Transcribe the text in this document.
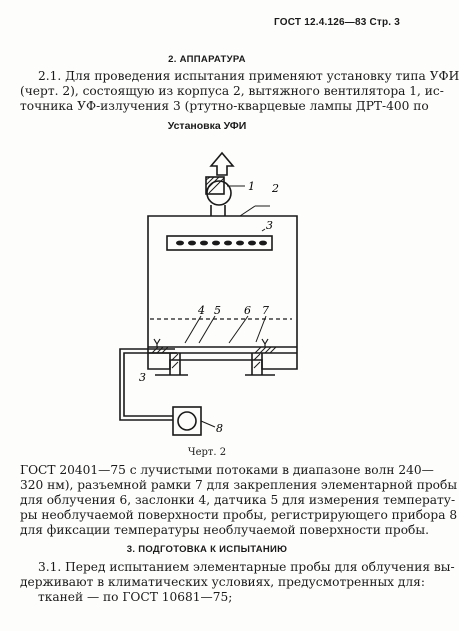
ГОСТ 12.4.126—83 Стр. 3
2. АППАРАТУРА
2.1. Для проведения испытания применяют установку типа УФИ
(черт. 2), состоящую из корпуса 2, вытяжного вентилятора 1, ис-
точника УФ-излучения 3 (ртутно-кварцевые лампы ДРТ-400 по
Установка УФИ
1 2
3
4 5 6 7
8
3
Черт. 2
ГОСТ 20401—75 с лучистыми потоками в диапазоне волн 240—
320 нм), разъемной рамки 7 для закрепления элементарной пробы
для облучения 6, заслонки 4, датчика 5 для измерения температу-
ры необлучаемой поверхности пробы, регистрирующего прибора 8
для фиксации температуры необлучаемой поверхности пробы.
3. ПОДГОТОВКА К ИСПЫТАНИЮ
3.1. Перед испытанием элементарные пробы для облучения вы-
держивают в климатических условиях, предусмотренных для:
тканей — по ГОСТ 10681—75;
